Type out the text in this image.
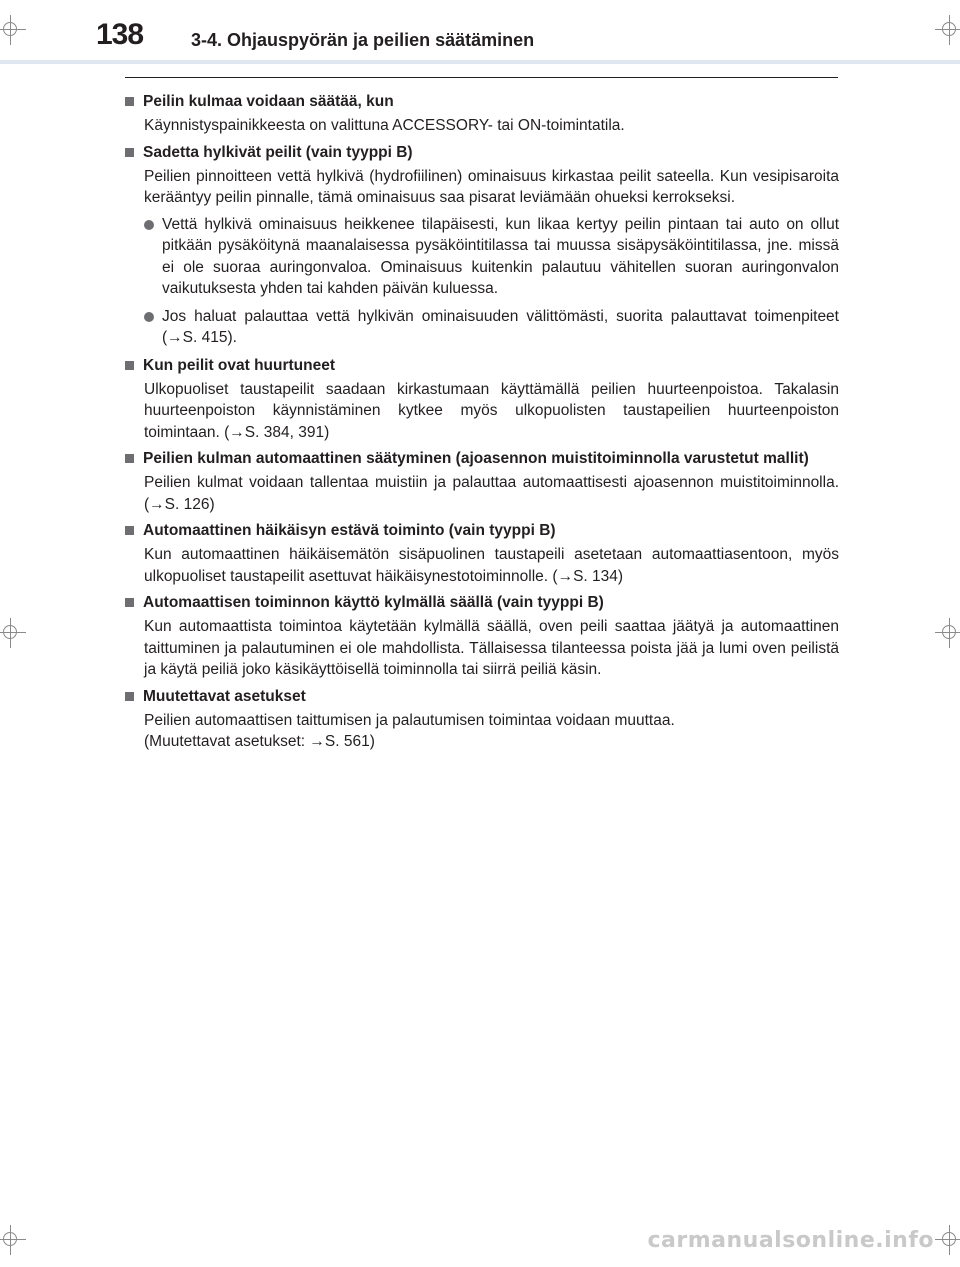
138	3-4. Ohjauspyörän ja peilien säätäminen
Peilin kulmaa voidaan säätää, kun
Käynnistyspainikkeesta on valittuna ACCESSORY- tai ON-toimintatila.
Sadetta hylkivät peilit (vain tyyppi B)
Peilien pinnoitteen vettä hylkivä (hydrofiilinen) ominaisuus kirkastaa peilit sateella. Kun vesipisaroita kerääntyy peilin pinnalle, tämä ominaisuus saa pisarat leviämään ohueksi kerrokseksi.
Vettä hylkivä ominaisuus heikkenee tilapäisesti, kun likaa kertyy peilin pintaan tai auto on ollut pitkään pysäköitynä maanalaisessa pysäköintitilassa tai muussa sisäpysäköintitilassa, jne. missä ei ole suoraa auringonvaloa. Ominaisuus kuitenkin palautuu vähitellen suoran auringonvalon vaikutuksesta yhden tai kahden päivän kuluessa.
Jos haluat palauttaa vettä hylkivän ominaisuuden välittömästi, suorita palauttavat toimenpiteet (→S. 415).
Kun peilit ovat huurtuneet
Ulkopuoliset taustapeilit saadaan kirkastumaan käyttämällä peilien huurteenpoistoa. Takalasin huurteenpoiston käynnistäminen kytkee myös ulkopuolisten taustapeilien huurteenpoiston toimintaan. (→S. 384, 391)
Peilien kulman automaattinen säätyminen (ajoasennon muistitoiminnolla varustetut mallit)
Peilien kulmat voidaan tallentaa muistiin ja palauttaa automaattisesti ajoasennon muistitoiminnolla. (→S. 126)
Automaattinen häikäisyn estävä toiminto (vain tyyppi B)
Kun automaattinen häikäisemätön sisäpuolinen taustapeili asetetaan automaattiasentoon, myös ulkopuoliset taustapeilit asettuvat häikäisynestotoiminnolle. (→S. 134)
Automaattisen toiminnon käyttö kylmällä säällä (vain tyyppi B)
Kun automaattista toimintoa käytetään kylmällä säällä, oven peili saattaa jäätyä ja automaattinen taittuminen ja palautuminen ei ole mahdollista. Tällaisessa tilanteessa poista jää ja lumi oven peilistä ja käytä peiliä joko käsikäyttöisellä toiminnolla tai siirrä peiliä käsin.
Muutettavat asetukset
Peilien automaattisen taittumisen ja palautumisen toimintaa voidaan muuttaa.
(Muutettavat asetukset: →S. 561)
carmanualsonline.info
